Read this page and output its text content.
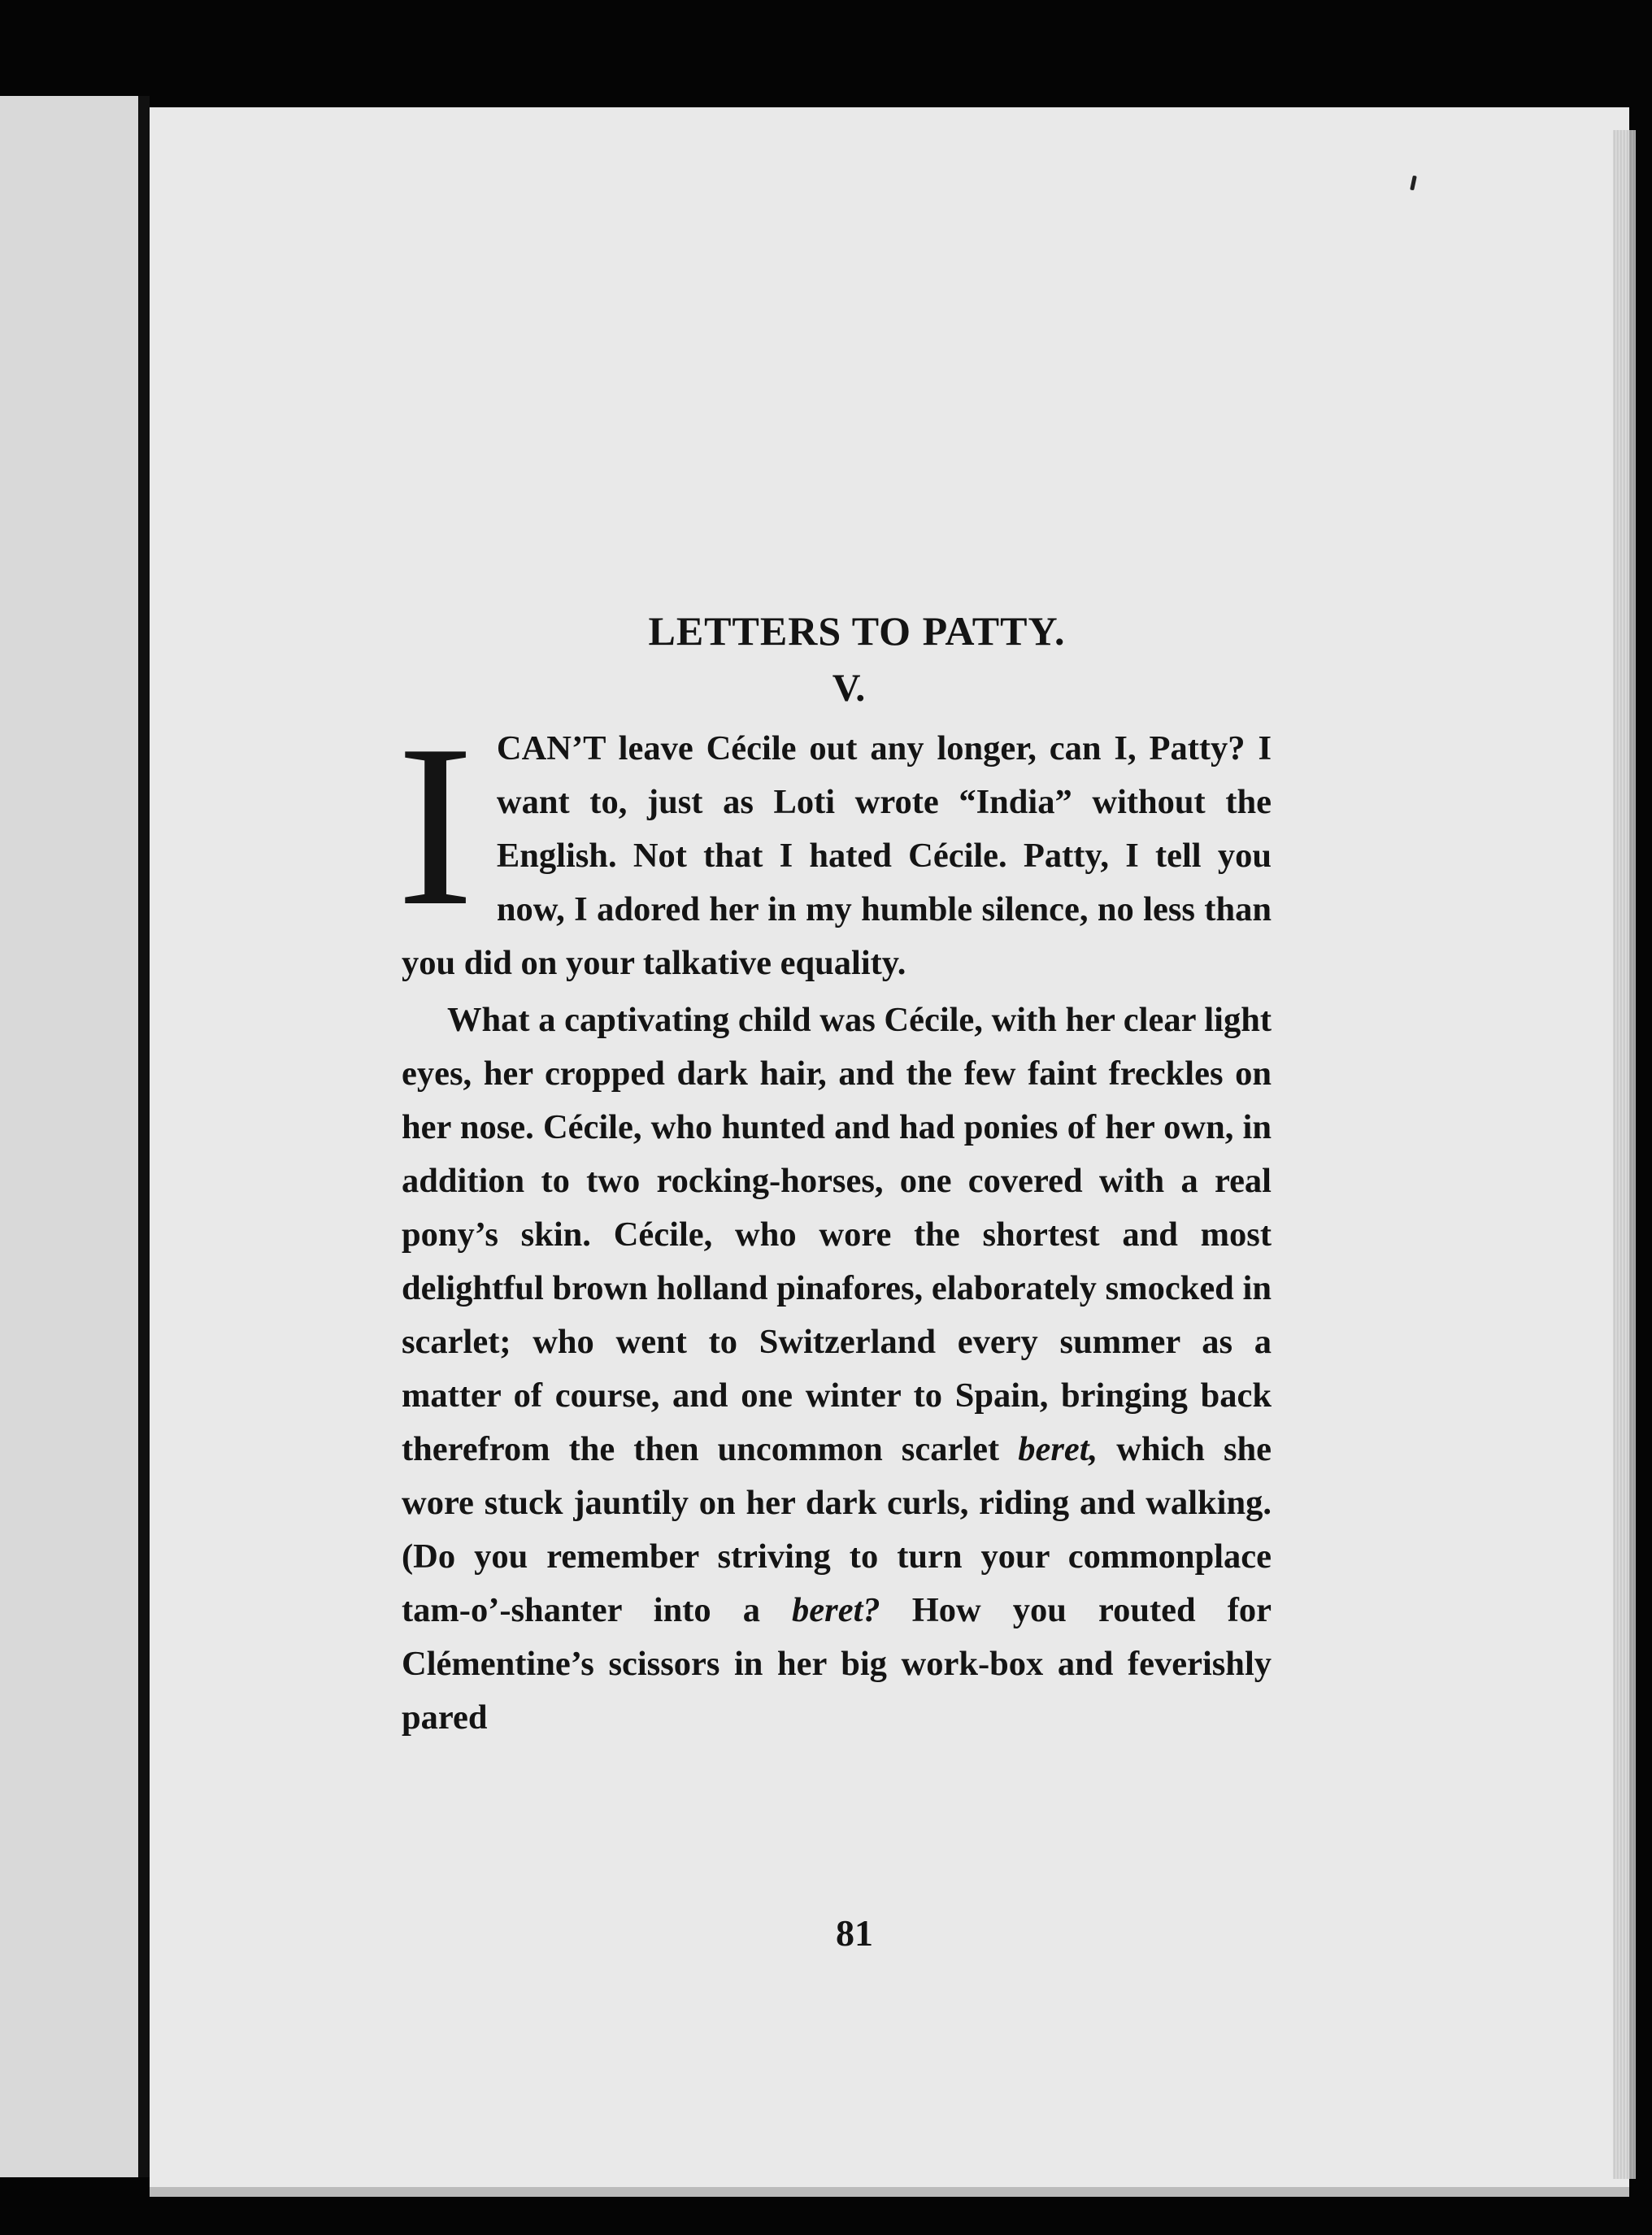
LETTERS TO PATTY.
V.

ICAN’T leave Cécile out any longer, can I, Patty? I want to, just as Loti wrote “India” without the English. Not that I hated Cécile. Patty, I tell you now, I adored her in my humble silence, no less than you did on your talkative equality.

What a captivating child was Cécile, with her clear light eyes, her cropped dark hair, and the few faint freckles on her nose. Cécile, who hunted and had ponies of her own, in addition to two rocking-horses, one covered with a real pony’s skin. Cécile, who wore the shortest and most delightful brown holland pinafores, elaborately smocked in scarlet; who went to Switzerland every summer as a matter of course, and one winter to Spain, bringing back therefrom the then uncommon scarlet beret, which she wore stuck jauntily on her dark curls, riding and walking. (Do you remember striving to turn your commonplace tam-o’-shanter into a beret? How you routed for Clémentine’s scissors in her big work-box and feverishly pared

81
